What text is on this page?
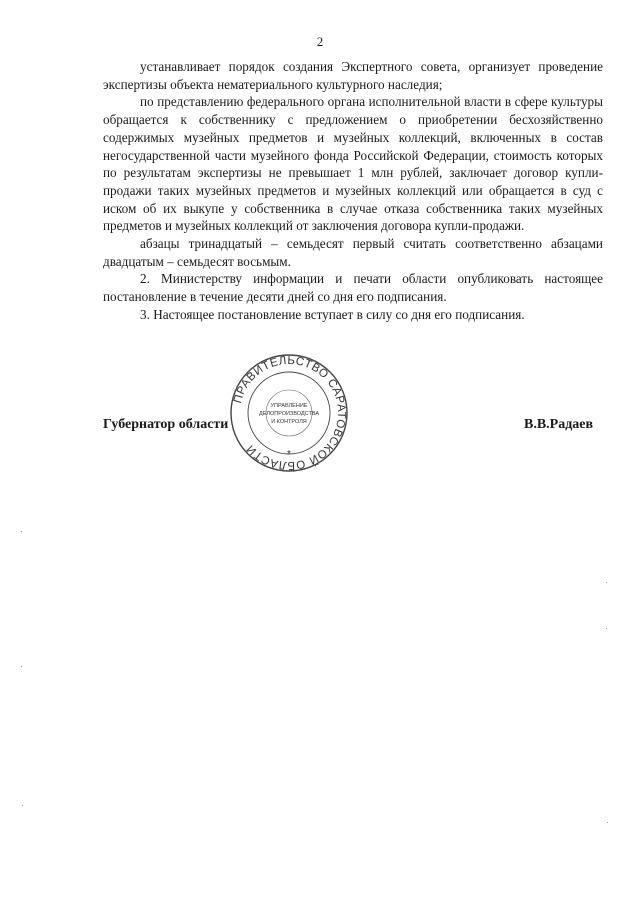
2

устанавливает порядок создания Экспертного совета, организует проведение экспертизы объекта нематериального культурного наследия;

по представлению федерального органа исполнительной власти в сфере культуры обращается к собственнику с предложением о приобретении бесхозяйственно содержимых музейных предметов и музейных коллекций, включенных в состав негосударственной части музейного фонда Российской Федерации, стоимость которых по результатам экспертизы не превышает 1 млн рублей, заключает договор купли-продажи таких музейных предметов и музейных коллекций или обращается в суд с иском об их выкупе у собственника в случае отказа собственника таких музейных предметов и музейных коллекций от заключения договора купли-продажи.

абзацы тринадцатый – семьдесят первый считать соответственно абзацами двадцатым – семьдесят восьмым.

2. Министерству информации и печати области опубликовать настоящее постановление в течение десяти дней со дня его подписания.

3. Настоящее постановление вступает в силу со дня его подписания.

Губернатор области	В.В.Радаев
ПРАВИТЕЛЬСТВО САРАТОВСКОЙ ОБЛАСТИ
УПРАВЛЕНИЕ
ДЕЛОПРОИЗВОДСТВА
И КОНТРОЛЯ
*
